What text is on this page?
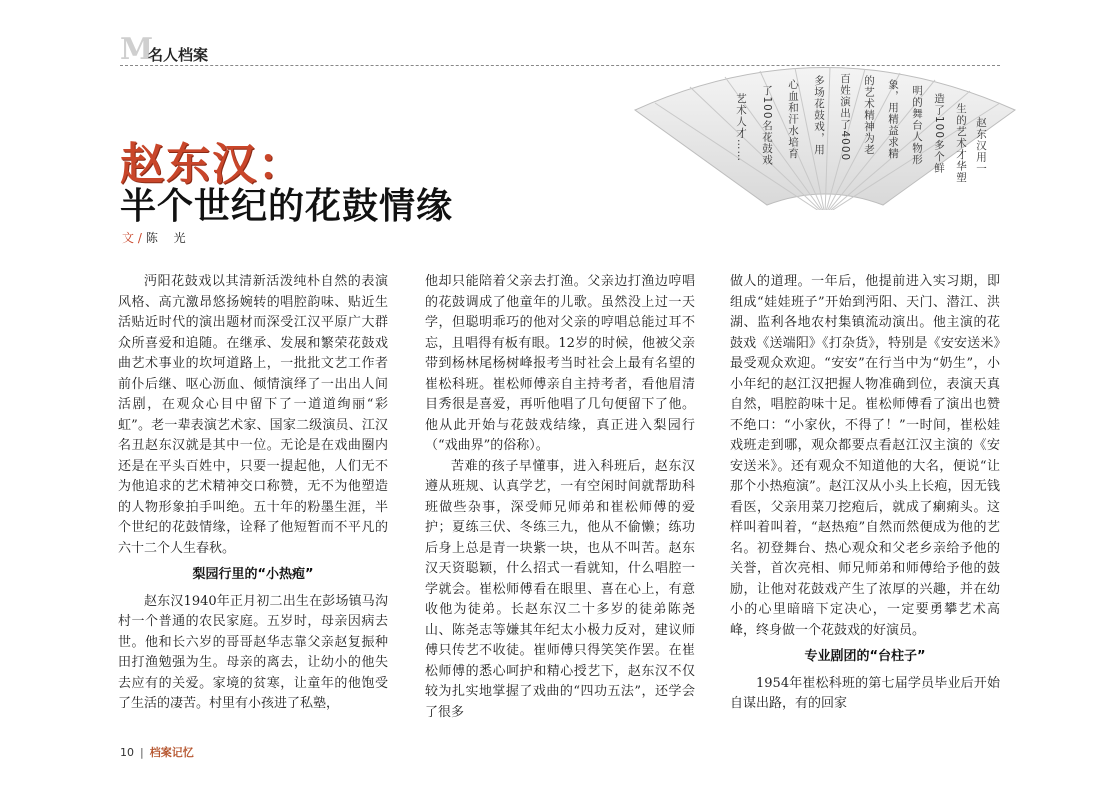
M
名人档案
赵东汉用一
生的艺术才华塑
造了100多个鲜
明的舞台人物形
象，用精益求精
的艺术精神为老
百姓演出了4000
多场花鼓戏，用
心血和汗水培育
了100名花鼓戏
艺术人才……
赵东汉：
半个世纪的花鼓情缘
文 / 陈 光

沔阳花鼓戏以其清新活泼纯朴自然的表演风格、高亢激昂悠扬婉转的唱腔韵味、贴近生活贴近时代的演出题材而深受江汉平原广大群众所喜爱和追随。在继承、发展和繁荣花鼓戏曲艺术事业的坎坷道路上，一批批文艺工作者前仆后继、呕心沥血、倾情演绎了一出出人间活剧，在观众心目中留下了一道道绚丽“彩虹”。老一辈表演艺术家、国家二级演员、江汉名丑赵东汉就是其中一位。无论是在戏曲圈内还是在平头百姓中，只要一提起他，人们无不为他追求的艺术精神交口称赞，无不为他塑造的人物形象拍手叫绝。五十年的粉墨生涯，半个世纪的花鼓情缘，诠释了他短暂而不平凡的六十二个人生春秋。

梨园行里的“小热疱”

赵东汉1940年正月初二出生在彭场镇马沟村一个普通的农民家庭。五岁时，母亲因病去世。他和长六岁的哥哥赵华志靠父亲赵复振种田打渔勉强为生。母亲的离去，让幼小的他失去应有的关爱。家境的贫寒，让童年的他饱受了生活的凄苦。村里有小孩进了私塾，

他却只能陪着父亲去打渔。父亲边打渔边哼唱的花鼓调成了他童年的儿歌。虽然没上过一天学，但聪明乖巧的他对父亲的哼唱总能过耳不忘，且唱得有板有眼。12岁的时候，他被父亲带到杨林尾杨树峰报考当时社会上最有名望的崔松科班。崔松师傅亲自主持考者，看他眉清目秀很是喜爱，再听他唱了几句便留下了他。他从此开始与花鼓戏结缘，真正进入梨园行（“戏曲界”的俗称）。

苦难的孩子早懂事，进入科班后，赵东汉遵从班规、认真学艺，一有空闲时间就帮助科班做些杂事，深受师兄师弟和崔松师傅的爱护；夏练三伏、冬练三九，他从不偷懒；练功后身上总是青一块紫一块，也从不叫苦。赵东汉天资聪颖，什么招式一看就知，什么唱腔一学就会。崔松师傅看在眼里、喜在心上，有意收他为徒弟。长赵东汉二十多岁的徒弟陈尧山、陈尧志等嫌其年纪太小极力反对，建议师傅只传艺不收徒。崔师傅只得笑笑作罢。在崔松师傅的悉心呵护和精心授艺下，赵东汉不仅较为扎实地掌握了戏曲的“四功五法”，还学会了很多

做人的道理。一年后，他提前进入实习期，即组成“娃娃班子”开始到沔阳、天门、潜江、洪湖、监利各地农村集镇流动演出。他主演的花鼓戏《送端阳》《打杂货》，特别是《安安送米》最受观众欢迎。“安安”在行当中为“奶生”，小小年纪的赵江汉把握人物准确到位，表演天真自然，唱腔韵味十足。崔松师傅看了演出也赞不绝口：“小家伙，不得了！”一时间，崔松娃戏班走到哪，观众都要点看赵江汉主演的《安安送米》。还有观众不知道他的大名，便说“让那个小热疱演”。赵江汉从小头上长疱，因无钱看医，父亲用菜刀挖疱后，就成了瘌痢头。这样叫着叫着，“赵热疱”自然而然便成为他的艺名。初登舞台、热心观众和父老乡亲给予他的关誉，首次亮相、师兄师弟和师傅给予他的鼓励，让他对花鼓戏产生了浓厚的兴趣，并在幼小的心里暗暗下定决心，一定要勇攀艺术高峰，终身做一个花鼓戏的好演员。

专业剧团的“台柱子”

1954年崔松科班的第七届学员毕业后开始自谋出路，有的回家

10 | 档案记忆
